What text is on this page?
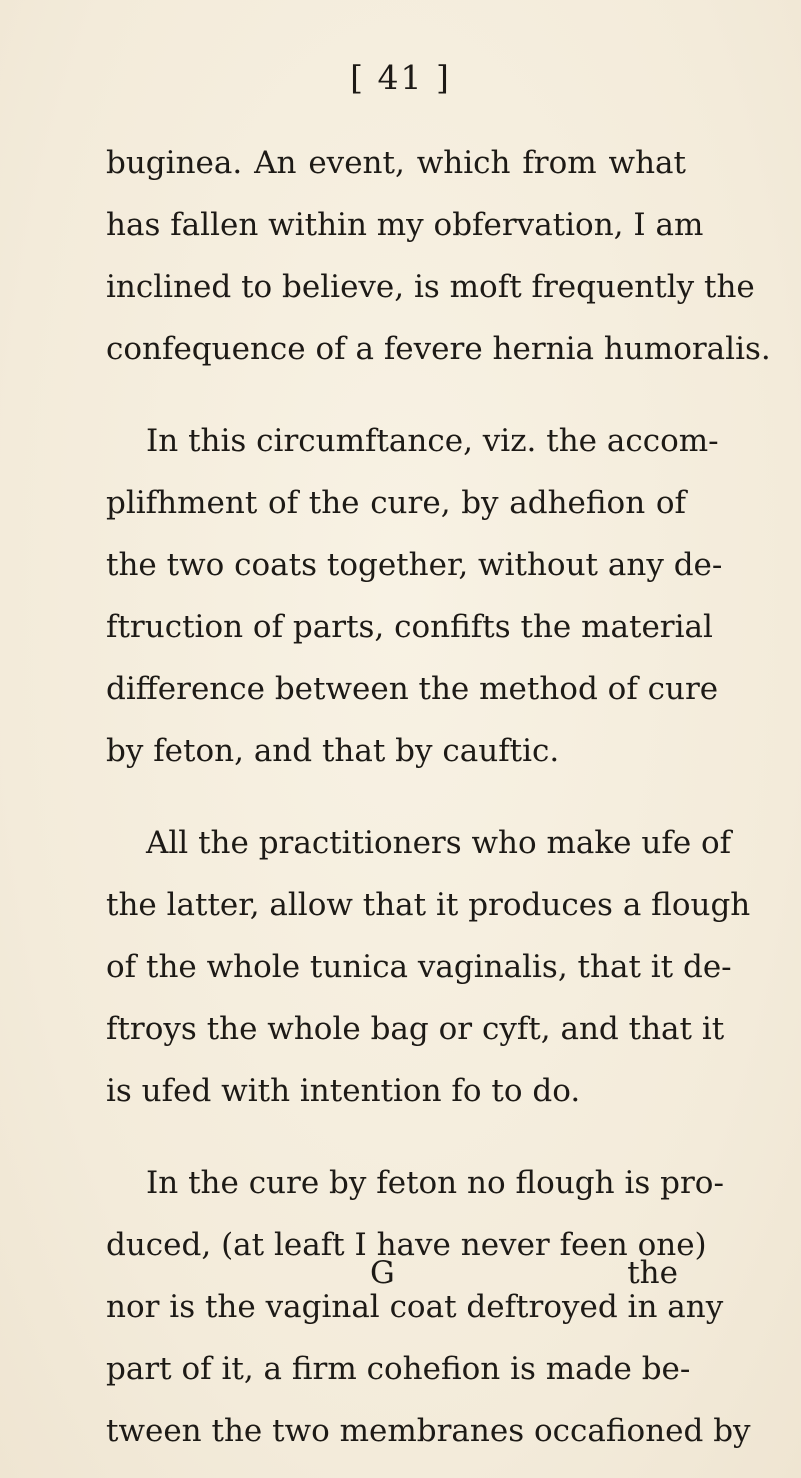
[ 41 ]
buginea. An event, which from what
has fallen within my obfervation, I am
inclined to believe, is moft frequently the
confequence of a fevere hernia humoralis.
In this circumftance, viz. the accom-
plifhment of the cure, by adhefion of
the two coats together, without any de-
ftruction of parts, confifts the material
difference between the method of cure
by feton, and that by cauftic.
All the practitioners who make ufe of
the latter, allow that it produces a flough
of the whole tunica vaginalis, that it de-
ftroys the whole bag or cyft, and that it
is ufed with intention fo to do.
In the cure by feton no flough is pro-
duced, (at leaft I have never feen one)
nor is the vaginal coat deftroyed in any
part of it, a firm cohefion is made be-
tween the two membranes occafioned by
G	the
